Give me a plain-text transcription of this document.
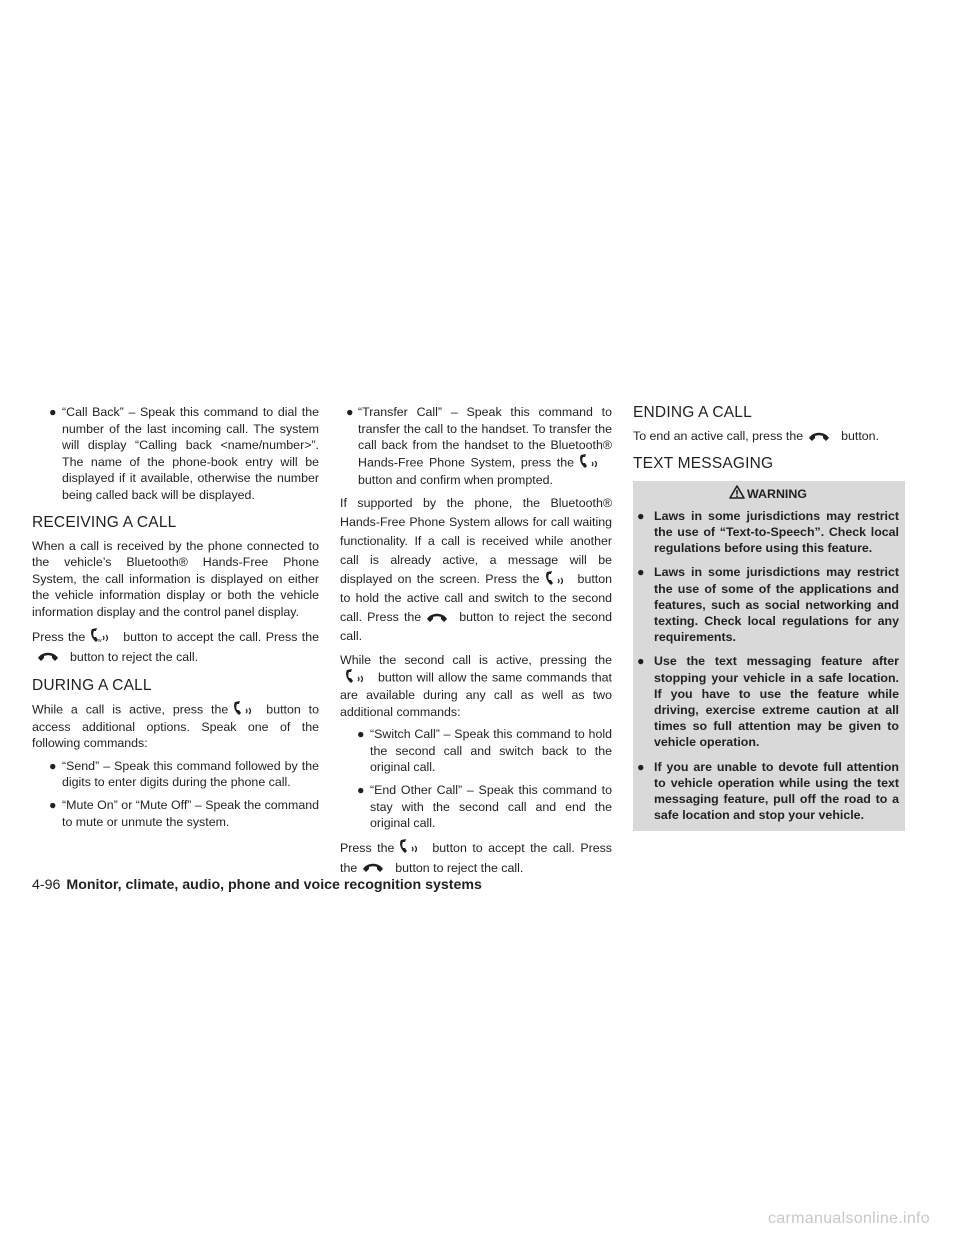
● “Call Back” – Speak this command to dial the number of the last incoming call. The system will display “Calling back <name/number>”. The name of the phone-book entry will be displayed if it available, otherwise the number being called back will be displayed.
RECEIVING A CALL

When a call is received by the phone connected to the vehicle’s Bluetooth® Hands-Free Phone System, the call information is displayed on either the vehicle information display or both the vehicle information display and the control panel display.

Press the	w button to accept the call. Press the
button to reject the call.

DURING A CALL

While a call is active, press the	button to access additional options. Speak one of the following commands:

● “Send” – Speak this command followed by the digits to enter digits during the phone call.
● “Mute On” or “Mute Off” – Speak the command to mute or unmute the system.
● “Transfer Call” – Speak this command to transfer the call to the handset. To transfer the call back from the handset to the Bluetooth® Hands-Free Phone System, press the
button and confirm when prompted.

If supported by the phone, the Bluetooth® Hands-Free Phone System allows for call waiting functionality. If a call is received while another call is already active, a message will be displayed on the screen. Press the	button to hold the active call and switch to the second call. Press the	button to reject the second call.

While the second call is active, pressing the
button will allow the same commands that are available during any call as well as two additional commands:

● “Switch Call” – Speak this command to hold the second call and switch back to the original call.
● “End Other Call” – Speak this command to stay with the second call and end the original call.

Press the	button to accept the call. Press the	button to reject the call.

ENDING A CALL

To end an active call, press the	button.

TEXT MESSAGING
WARNING
● Laws in some jurisdictions may restrict the use of “Text-to-Speech”. Check local regulations before using this feature.
● Laws in some jurisdictions may restrict the use of some of the applications and features, such as social networking and texting. Check local regulations for any requirements.
● Use the text messaging feature after stopping your vehicle in a safe location. If you have to use the feature while driving, exercise extreme caution at all times so full attention may be given to vehicle operation.
● If you are unable to devote full attention to vehicle operation while using the text messaging feature, pull off the road to a safe location and stop your vehicle.
4-96 Monitor, climate, audio, phone and voice recognition systems
carmanualsonline.info
